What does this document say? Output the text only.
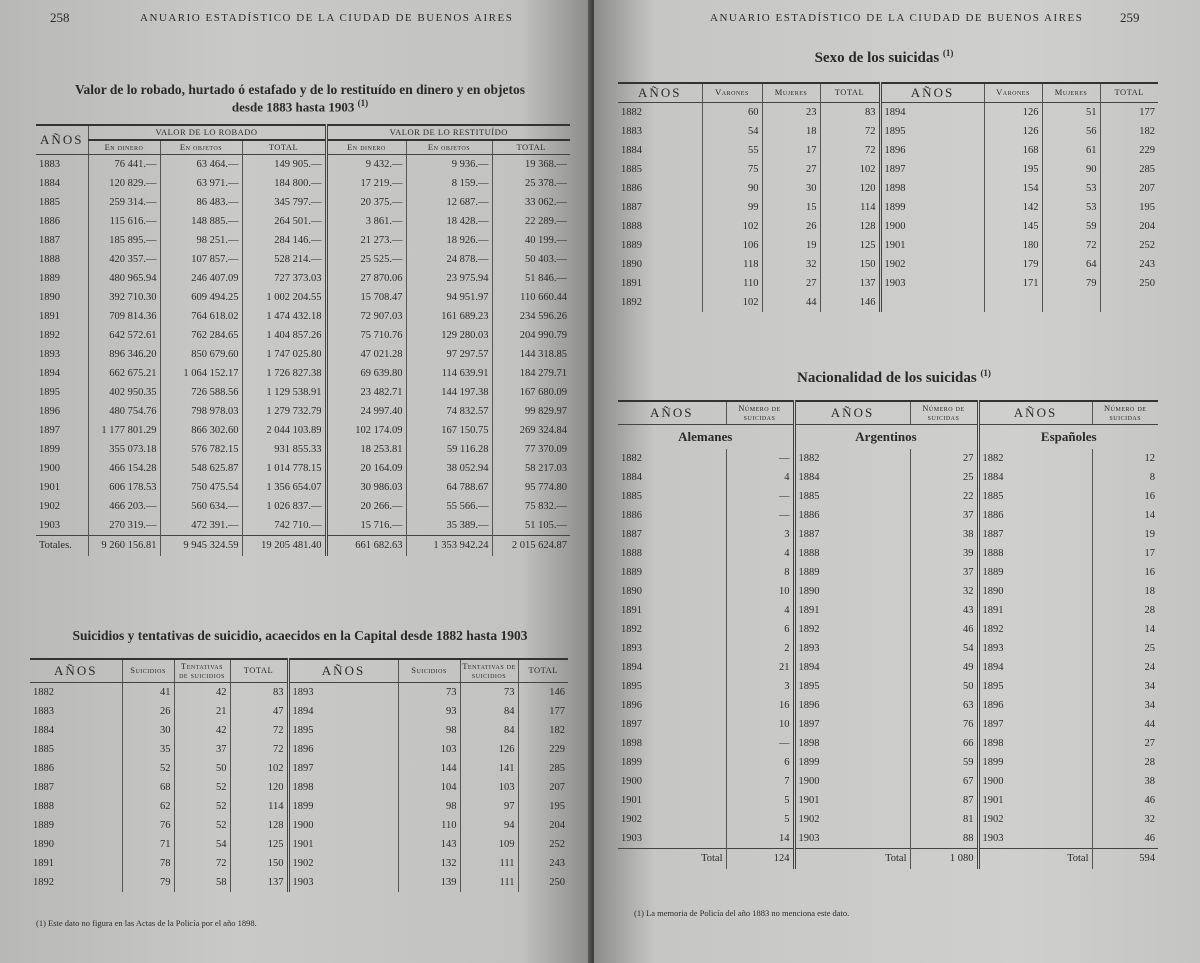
258	ANUARIO ESTADÍSTICO DE LA CIUDAD DE BUENOS AIRES
Valor de lo robado, hurtado ó estafado y de lo restituído en dinero y en objetos
desde 1883 hasta 1903 $^{(1)}$
AÑOS	VALOR DE LO ROBADO			VALOR DE LO RESTITUÍDO		
	En dinero	En objetos	TOTAL	En dinero	En objetos	TOTAL
1883	76 441.—	63 464.—	149 905.—	9 432.—	9 936.—	19 368.—
1884	120 829.—	63 971.—	184 800.—	17 219.—	8 159.—	25 378.—
1885	259 314.—	86 483.—	345 797.—	20 375.—	12 687.—	33 062.—
1886	115 616.—	148 885.—	264 501.—	3 861.—	18 428.—	22 289.—
1887	185 895.—	98 251.—	284 146.—	21 273.—	18 926.—	40 199.—
1888	420 357.—	107 857.—	528 214.—	25 525.—	24 878.—	50 403.—
1889	480 965.94	246 407.09	727 373.03	27 870.06	23 975.94	51 846.—
1890	392 710.30	609 494.25	1 002 204.55	15 708.47	94 951.97	110 660.44
1891	709 814.36	764 618.02	1 474 432.18	72 907.03	161 689.23	234 596.26
1892	642 572.61	762 284.65	1 404 857.26	75 710.76	129 280.03	204 990.79
1893	896 346.20	850 679.60	1 747 025.80	47 021.28	97 297.57	144 318.85
1894	662 675.21	1 064 152.17	1 726 827.38	69 639.80	114 639.91	184 279.71
1895	402 950.35	726 588.56	1 129 538.91	23 482.71	144 197.38	167 680.09
1896	480 754.76	798 978.03	1 279 732.79	24 997.40	74 832.57	99 829.97
1897	1 177 801.29	866 302.60	2 044 103.89	102 174.09	167 150.75	269 324.84
1899	355 073.18	576 782.15	931 855.33	18 253.81	59 116.28	77 370.09
1900	466 154.28	548 625.87	1 014 778.15	20 164.09	38 052.94	58 217.03
1901	606 178.53	750 475.54	1 356 654.07	30 986.03	64 788.67	95 774.80
1902	466 203.—	560 634.—	1 026 837.—	20 266.—	55 566.—	75 832.—
1903	270 319.—	472 391.—	742 710.—	15 716.—	35 389.—	51 105.—
Totales.	9 260 156.81	9 945 324.59	19 205 481.40	661 682.63	1 353 942.24	2 015 624.87
Suicidios y tentativas de suicidio, acaecidos en la Capital desde 1882 hasta 1903
AÑOS	Suicidios	Tentativas de suicidios	TOTAL	AÑOS	Suicidios	Tentativas de suicidios	TOTAL
1882	41	42	83	1893	73	73	146
1883	26	21	47	1894	93	84	177
1884	30	42	72	1895	98	84	182
1885	35	37	72	1896	103	126	229
1886	52	50	102	1897	144	141	285
1887	68	52	120	1898	104	103	207
1888	62	52	114	1899	98	97	195
1889	76	52	128	1900	110	94	204
1890	71	54	125	1901	143	109	252
1891	78	72	150	1902	132	111	243
1892	79	58	137	1903	139	111	250
(1) Este dato no figura en las Actas de la Policía por el año 1898.
ANUARIO ESTADÍSTICO DE LA CIUDAD DE BUENOS AIRES	259
Sexo de los suicidas $^{(1)}$
AÑOS	Varones	Mujeres	TOTAL	AÑOS	Varones	Mujeres	TOTAL
1882	60	23	83	1894	126	51	177
1883	54	18	72	1895	126	56	182
1884	55	17	72	1896	168	61	229
1885	75	27	102	1897	195	90	285
1886	90	30	120	1898	154	53	207
1887	99	15	114	1899	142	53	195
1888	102	26	128	1900	145	59	204
1889	106	19	125	1901	180	72	252
1890	118	32	150	1902	179	64	243
1891	110	27	137	1903	171	79	250
1892	102	44	146				
Nacionalidad de los suicidas $^{(1)}$
AÑOS	Número de suicidas	AÑOS	Número de suicidas	AÑOS	Número de suicidas
Alemanes		Argentinos		Españoles	
1882	—	1882	27	1882	12
1884	4	1884	25	1884	8
1885	—	1885	22	1885	16
1886	—	1886	37	1886	14
1887	3	1887	38	1887	19
1888	4	1888	39	1888	17
1889	8	1889	37	1889	16
1890	10	1890	32	1890	18
1891	4	1891	43	1891	28
1892	6	1892	46	1892	14
1893	2	1893	54	1893	25
1894	21	1894	49	1894	24
1895	3	1895	50	1895	34
1896	16	1896	63	1896	34
1897	10	1897	76	1897	44
1898	—	1898	66	1898	27
1899	6	1899	59	1899	28
1900	7	1900	67	1900	38
1901	5	1901	87	1901	46
1902	5	1902	81	1902	32
1903	14	1903	88	1903	46
Total	124	Total	1 080	Total	594
(1) La memoria de Policía del año 1883 no menciona este dato.
